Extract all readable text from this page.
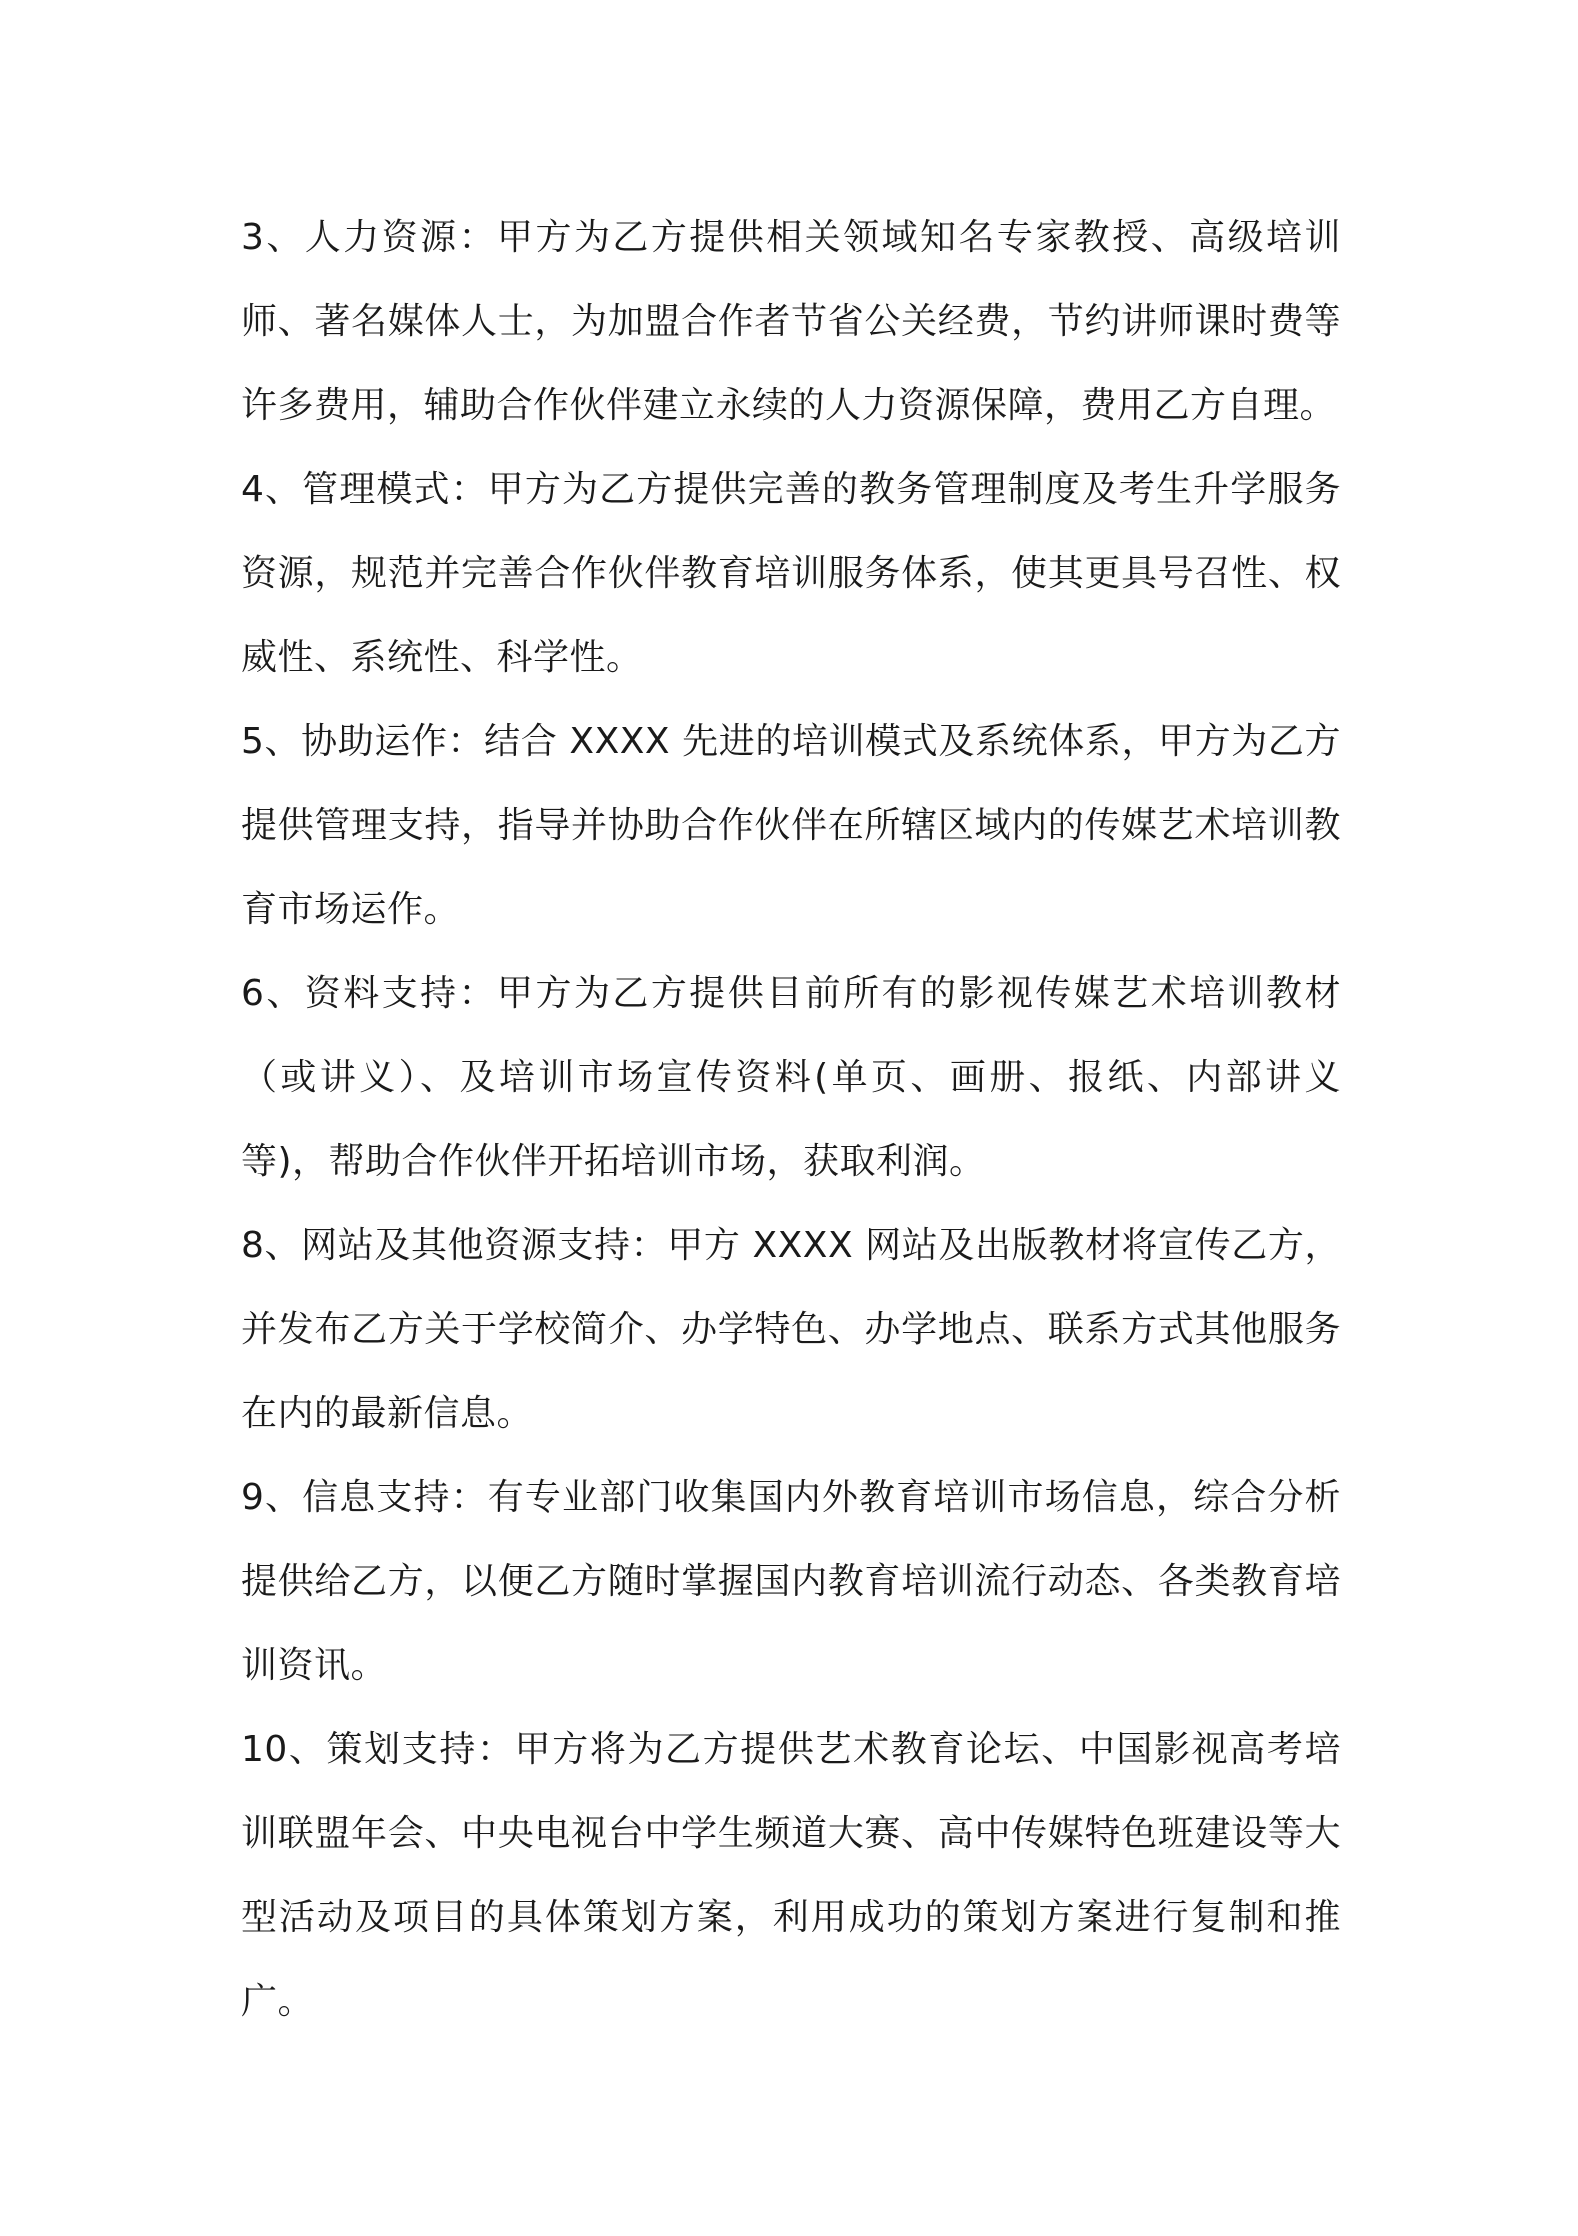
3、人力资源：甲方为乙方提供相关领域知名专家教授、高级培训师、著名媒体人士，为加盟合作者节省公关经费，节约讲师课时费等许多费用，辅助合作伙伴建立永续的人力资源保障，费用乙方自理。

4、管理模式：甲方为乙方提供完善的教务管理制度及考生升学服务资源，规范并完善合作伙伴教育培训服务体系，使其更具号召性、权威性、系统性、科学性。

5、协助运作：结合 XXXX 先进的培训模式及系统体系，甲方为乙方提供管理支持，指导并协助合作伙伴在所辖区域内的传媒艺术培训教育市场运作。

6、资料支持：甲方为乙方提供目前所有的影视传媒艺术培训教材（或讲义）、及培训市场宣传资料(单页、画册、报纸、内部讲义等)，帮助合作伙伴开拓培训市场，获取利润。

8、网站及其他资源支持：甲方 XXXX 网站及出版教材将宣传乙方，并发布乙方关于学校简介、办学特色、办学地点、联系方式其他服务在内的最新信息。

9、信息支持：有专业部门收集国内外教育培训市场信息，综合分析提供给乙方，以便乙方随时掌握国内教育培训流行动态、各类教育培训资讯。

10、策划支持：甲方将为乙方提供艺术教育论坛、中国影视高考培训联盟年会、中央电视台中学生频道大赛、高中传媒特色班建设等大型活动及项目的具体策划方案，利用成功的策划方案进行复制和推广。
